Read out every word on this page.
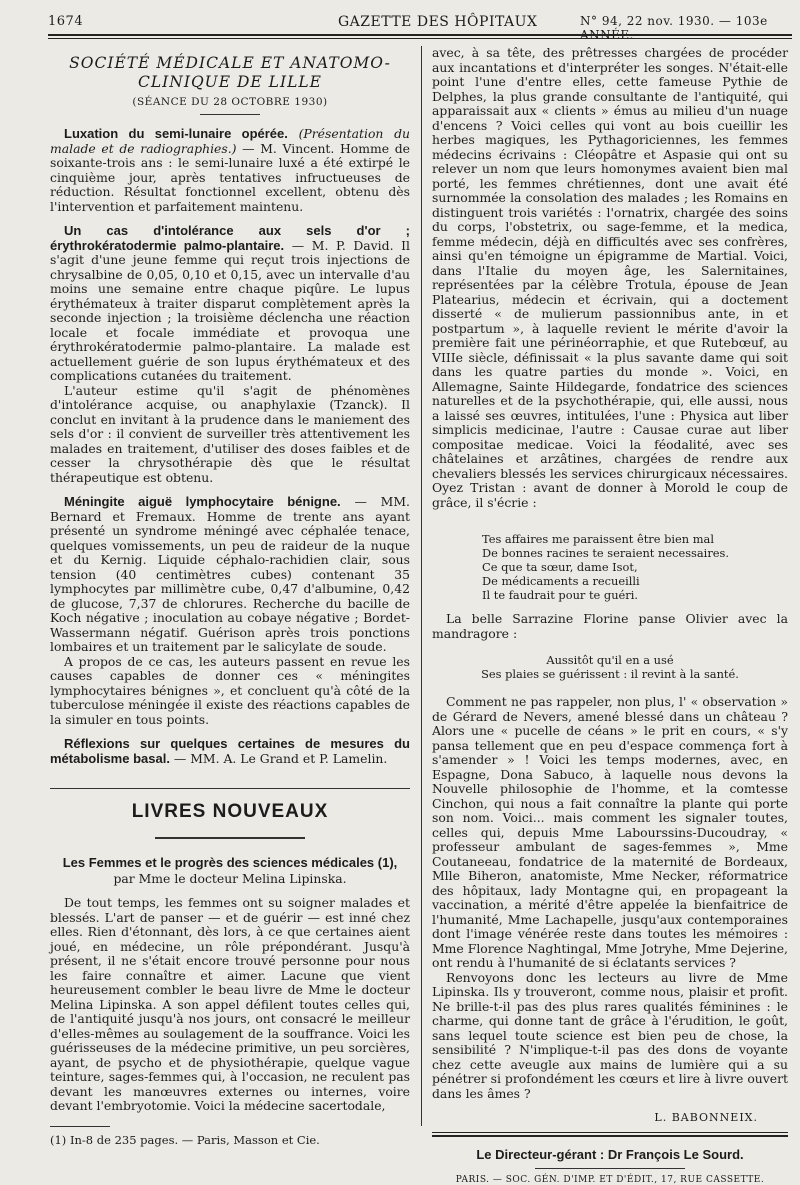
1674	GAZETTE DES HÔPITAUX	N° 94, 22 nov. 1930. — 103e ANNÉE.
SOCIÉTÉ MÉDICALE ET ANATOMO-CLINIQUE DE LILLE
(SÉANCE DU 28 OCTOBRE 1930)

Luxation du semi-lunaire opérée. (Présentation du malade et de radiographies.) — M. Vincent. Homme de soixante-trois ans : le semi-lunaire luxé a été extirpé le cinquième jour, après tentatives infructueuses de réduction. Résultat fonctionnel excellent, obtenu dès l'intervention et parfaitement maintenu.

Un cas d'intolérance aux sels d'or ; érythrokératodermie palmo-plantaire. — M. P. David. Il s'agit d'une jeune femme qui reçut trois injections de chrysalbine de 0,05, 0,10 et 0,15, avec un intervalle d'au moins une semaine entre chaque piqûre. Le lupus érythémateux à traiter disparut complètement après la seconde injection ; la troisième déclencha une réaction locale et focale immédiate et provoqua une érythrokératodermie palmo-plantaire. La malade est actuellement guérie de son lupus érythémateux et des complications cutanées du traitement.

L'auteur estime qu'il s'agit de phénomènes d'intolérance acquise, ou anaphylaxie (Tzanck). Il conclut en invitant à la prudence dans le maniement des sels d'or : il convient de surveiller très attentivement les malades en traitement, d'utiliser des doses faibles et de cesser la chrysothérapie dès que le résultat thérapeutique est obtenu.

Méningite aiguë lymphocytaire bénigne. — MM. Bernard et Fremaux. Homme de trente ans ayant présenté un syndrome méningé avec céphalée tenace, quelques vomissements, un peu de raideur de la nuque et du Kernig. Liquide céphalo-rachidien clair, sous tension (40 centimètres cubes) contenant 35 lymphocytes par millimètre cube, 0,47 d'albumine, 0,42 de glucose, 7,37 de chlorures. Recherche du bacille de Koch négative ; inoculation au cobaye négative ; Bordet-Wassermann négatif. Guérison après trois ponctions lombaires et un traitement par le salicylate de soude.

A propos de ce cas, les auteurs passent en revue les causes capables de donner ces « méningites lymphocytaires bénignes », et concluent qu'à côté de la tuberculose méningée il existe des réactions capables de la simuler en tous points.

Réflexions sur quelques certaines de mesures du métabolisme basal. — MM. A. Le Grand et P. Lamelin.

LIVRES NOUVEAUX
Les Femmes et le progrès des sciences médicales (1),
par Mme le docteur Melina Lipinska.

De tout temps, les femmes ont su soigner malades et blessés. L'art de panser — et de guérir — est inné chez elles. Rien d'étonnant, dès lors, à ce que certaines aient joué, en médecine, un rôle prépondérant. Jusqu'à présent, il ne s'était encore trouvé personne pour nous les faire connaître et aimer. Lacune que vient heureusement combler le beau livre de Mme le docteur Melina Lipinska. A son appel défilent toutes celles qui, de l'antiquité jusqu'à nos jours, ont consacré le meilleur d'elles-mêmes au soulagement de la souffrance. Voici les guérisseuses de la médecine primitive, un peu sorcières, ayant, de psycho et de physiothérapie, quelque vague teinture, sages-femmes qui, à l'occasion, ne reculent pas devant les manœuvres externes ou internes, voire devant l'embryotomie. Voici la médecine sacertodale,

(1) In-8 de 235 pages. — Paris, Masson et Cie.

avec, à sa tête, des prêtresses chargées de procéder aux incantations et d'interpréter les songes. N'était-elle point l'une d'entre elles, cette fameuse Pythie de Delphes, la plus grande consultante de l'antiquité, qui apparaissait aux « clients » émus au milieu d'un nuage d'encens ? Voici celles qui vont au bois cueillir les herbes magiques, les Pythagoriciennes, les femmes médecins écrivains : Cléopâtre et Aspasie qui ont su relever un nom que leurs homonymes avaient bien mal porté, les femmes chrétiennes, dont une avait été surnommée la consolation des malades ; les Romains en distinguent trois variétés : l'ornatrix, chargée des soins du corps, l'obstetrix, ou sage-femme, et la medica, femme médecin, déjà en difficultés avec ses confrères, ainsi qu'en témoigne un épigramme de Martial. Voici, dans l'Italie du moyen âge, les Salernitaines, représentées par la célèbre Trotula, épouse de Jean Platearius, médecin et écrivain, qui a doctement disserté « de mulierum passionnibus ante, in et postpartum », à laquelle revient le mérite d'avoir la première fait une périnéorraphie, et que Rutebœuf, au VIIIe siècle, définissait « la plus savante dame qui soit dans les quatre parties du monde ». Voici, en Allemagne, Sainte Hildegarde, fondatrice des sciences naturelles et de la psychothérapie, qui, elle aussi, nous a laissé ses œuvres, intitulées, l'une : Physica aut liber simplicis medicinae, l'autre : Causae curae aut liber compositae medicae. Voici la féodalité, avec ses châtelaines et arzâtines, chargées de rendre aux chevaliers blessés les services chirurgicaux nécessaires. Oyez Tristan : avant de donner à Morold le coup de grâce, il s'écrie :

Tes affaires me paraissent être bien mal
De bonnes racines te seraient necessaires.
Ce que ta sœur, dame Isot,
De médicaments a recueilli
Il te faudrait pour te guéri.

La belle Sarrazine Florine panse Olivier avec la mandragore :

Aussitôt qu'il en a usé
Ses plaies se guérissent : il revint à la santé.

Comment ne pas rappeler, non plus, l' « observation » de Gérard de Nevers, amené blessé dans un château ? Alors une « pucelle de céans » le prit en cours, « s'y pansa tellement que en peu d'espace commença fort à s'amender » ! Voici les temps modernes, avec, en Espagne, Dona Sabuco, à laquelle nous devons la Nouvelle philosophie de l'homme, et la comtesse Cinchon, qui nous a fait connaître la plante qui porte son nom. Voici... mais comment les signaler toutes, celles qui, depuis Mme Labourssins-Ducoudray, « professeur ambulant de sages-femmes », Mme Coutaneeau, fondatrice de la maternité de Bordeaux, Mlle Biheron, anatomiste, Mme Necker, réformatrice des hôpitaux, lady Montagne qui, en propageant la vaccination, a mérité d'être appelée la bienfaitrice de l'humanité, Mme Lachapelle, jusqu'aux contemporaines dont l'image vénérée reste dans toutes les mémoires : Mme Florence Naghtingal, Mme Jotryhe, Mme Dejerine, ont rendu à l'humanité de si éclatants services ?

Renvoyons donc les lecteurs au livre de Mme Lipinska. Ils y trouveront, comme nous, plaisir et profit. Ne brille-t-il pas des plus rares qualités féminines : le charme, qui donne tant de grâce à l'érudition, le goût, sans lequel toute science est bien peu de chose, la sensibilité ? N'implique-t-il pas des dons de voyante chez cette aveugle aux mains de lumière qui a su pénétrer si profondément les cœurs et lire à livre ouvert dans les âmes ?

L. BABONNEIX.
Le Directeur-gérant : Dr François Le Sourd.
PARIS. — SOC. GÉN. D'IMP. ET D'ÉDIT., 17, RUE CASSETTE.
